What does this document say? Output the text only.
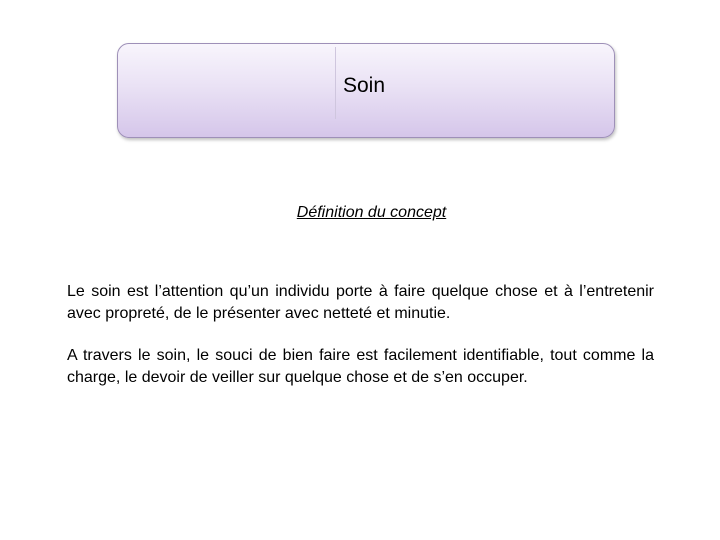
Soin
Définition du concept

Le soin est l’attention qu’un individu porte à faire quelque chose et à l’entretenir avec propreté, de le présenter avec netteté et minutie.

A travers le soin, le souci de bien faire est facilement identifiable, tout comme la charge, le devoir de veiller sur quelque chose et de s’en occuper.
